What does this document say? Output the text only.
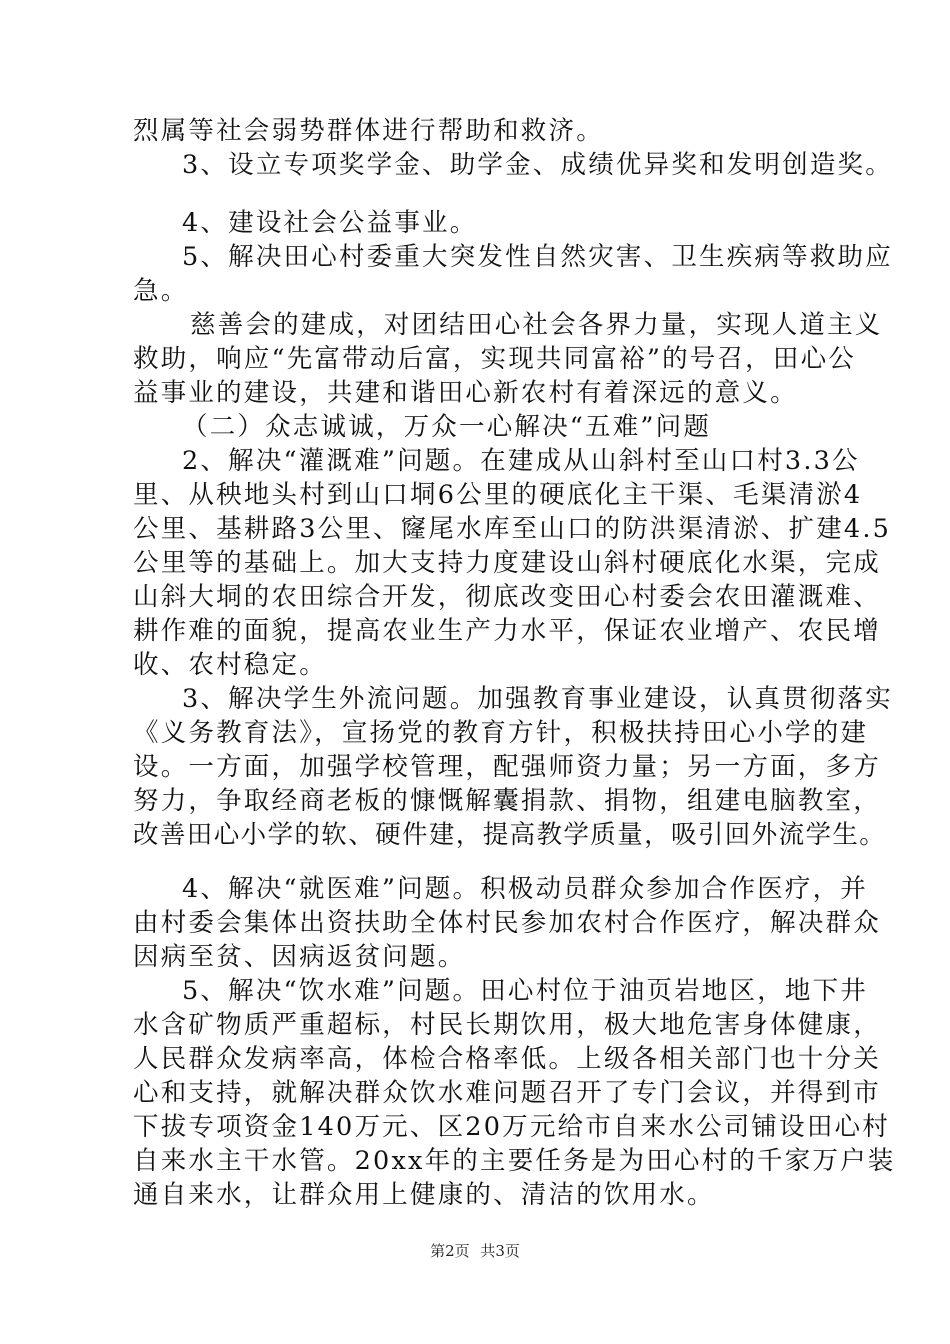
烈属等社会弱势群体进行帮助和救济。
3、设立专项奖学金、助学金、成绩优异奖和发明创造奖。
4、建设社会公益事业。
5、解决田心村委重大突发性自然灾害、卫生疾病等救助应
急。
慈善会的建成，对团结田心社会各界力量，实现人道主义
救助，响应“先富带动后富，实现共同富裕”的号召，田心公
益事业的建设，共建和谐田心新农村有着深远的意义。
（二）众志诚诚，万众一心解决“五难”问题
2、解决“灌溉难”问题。在建成从山斜村至山口村3.3公
里、从秧地头村到山口垌6公里的硬底化主干渠、毛渠清淤4
公里、基耕路3公里、窿尾水库至山口的防洪渠清淤、扩建4.5
公里等的基础上。加大支持力度建设山斜村硬底化水渠，完成
山斜大垌的农田综合开发，彻底改变田心村委会农田灌溉难、
耕作难的面貌，提高农业生产力水平，保证农业增产、农民增
收、农村稳定。
3、解决学生外流问题。加强教育事业建设，认真贯彻落实
《义务教育法》，宣扬党的教育方针，积极扶持田心小学的建
设。一方面，加强学校管理，配强师资力量；另一方面，多方
努力，争取经商老板的慷慨解囊捐款、捐物，组建电脑教室，
改善田心小学的软、硬件建，提高教学质量，吸引回外流学生。
4、解决“就医难”问题。积极动员群众参加合作医疗，并
由村委会集体出资扶助全体村民参加农村合作医疗，解决群众
因病至贫、因病返贫问题。
5、解决“饮水难”问题。田心村位于油页岩地区，地下井
水含矿物质严重超标，村民长期饮用，极大地危害身体健康，
人民群众发病率高，体检合格率低。上级各相关部门也十分关
心和支持，就解决群众饮水难问题召开了专门会议，并得到市
下拔专项资金140万元、区20万元给市自来水公司铺设田心村
自来水主干水管。20xx年的主要任务是为田心村的千家万户装
通自来水，让群众用上健康的、清洁的饮用水。
第2页 共3页
